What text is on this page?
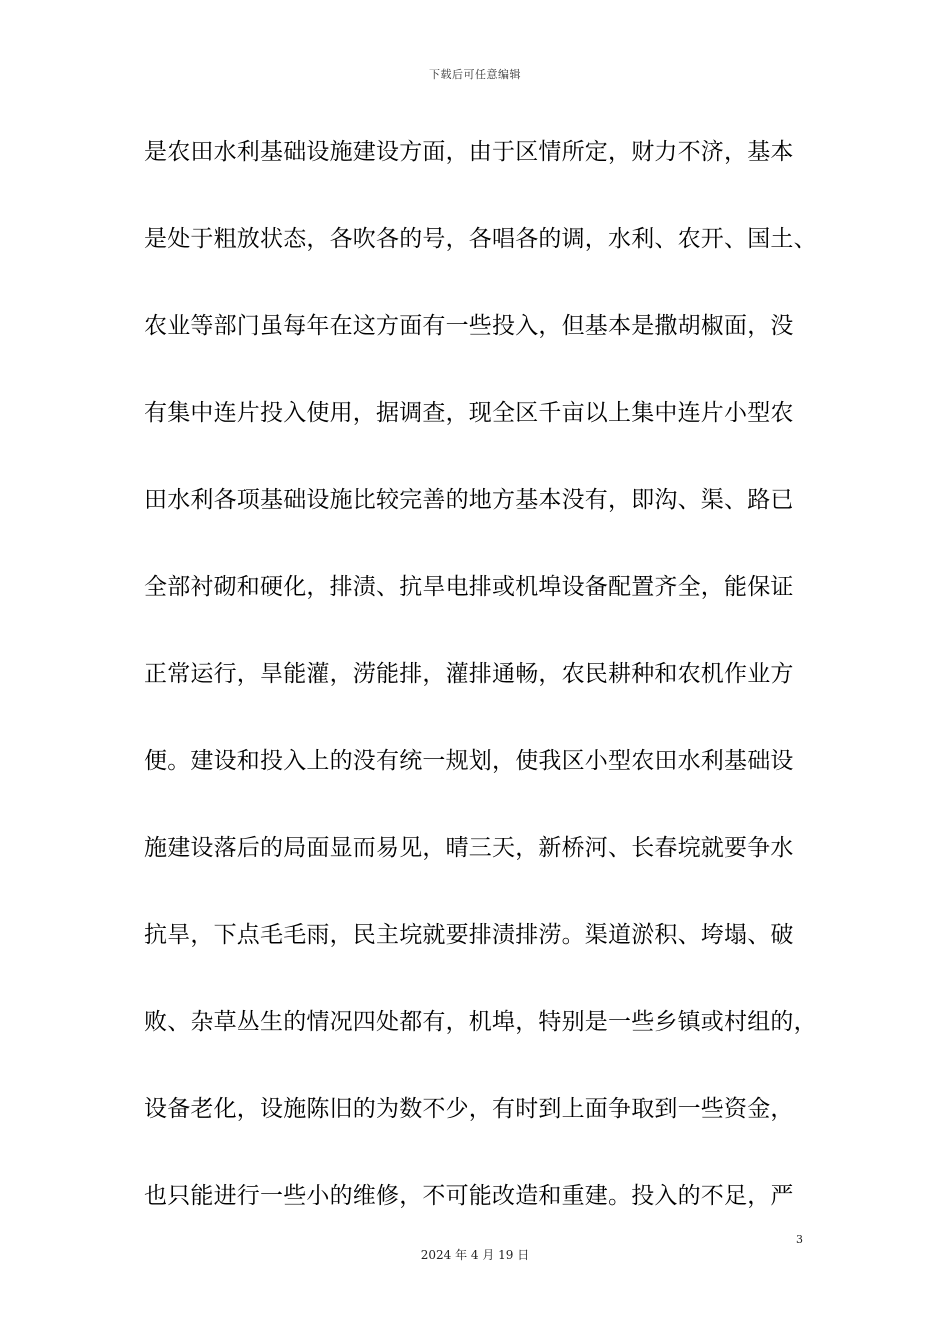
下载后可任意编辑
是农田水利基础设施建设方面，由于区情所定，财力不济，基本
是处于粗放状态，各吹各的号，各唱各的调，水利、农开、国土、
农业等部门虽每年在这方面有一些投入，但基本是撒胡椒面，没
有集中连片投入使用，据调查，现全区千亩以上集中连片小型农
田水利各项基础设施比较完善的地方基本没有，即沟、渠、路已
全部衬砌和硬化，排渍、抗旱电排或机埠设备配置齐全，能保证
正常运行，旱能灌，涝能排，灌排通畅，农民耕种和农机作业方
便。建设和投入上的没有统一规划，使我区小型农田水利基础设
施建设落后的局面显而易见，晴三天，新桥河、长春垸就要争水
抗旱，下点毛毛雨，民主垸就要排渍排涝。渠道淤积、垮塌、破
败、杂草丛生的情况四处都有，机埠，特别是一些乡镇或村组的，
设备老化，设施陈旧的为数不少，有时到上面争取到一些资金，
也只能进行一些小的维修，不可能改造和重建。投入的不足，严
3
2024 年 4 月 19 日
